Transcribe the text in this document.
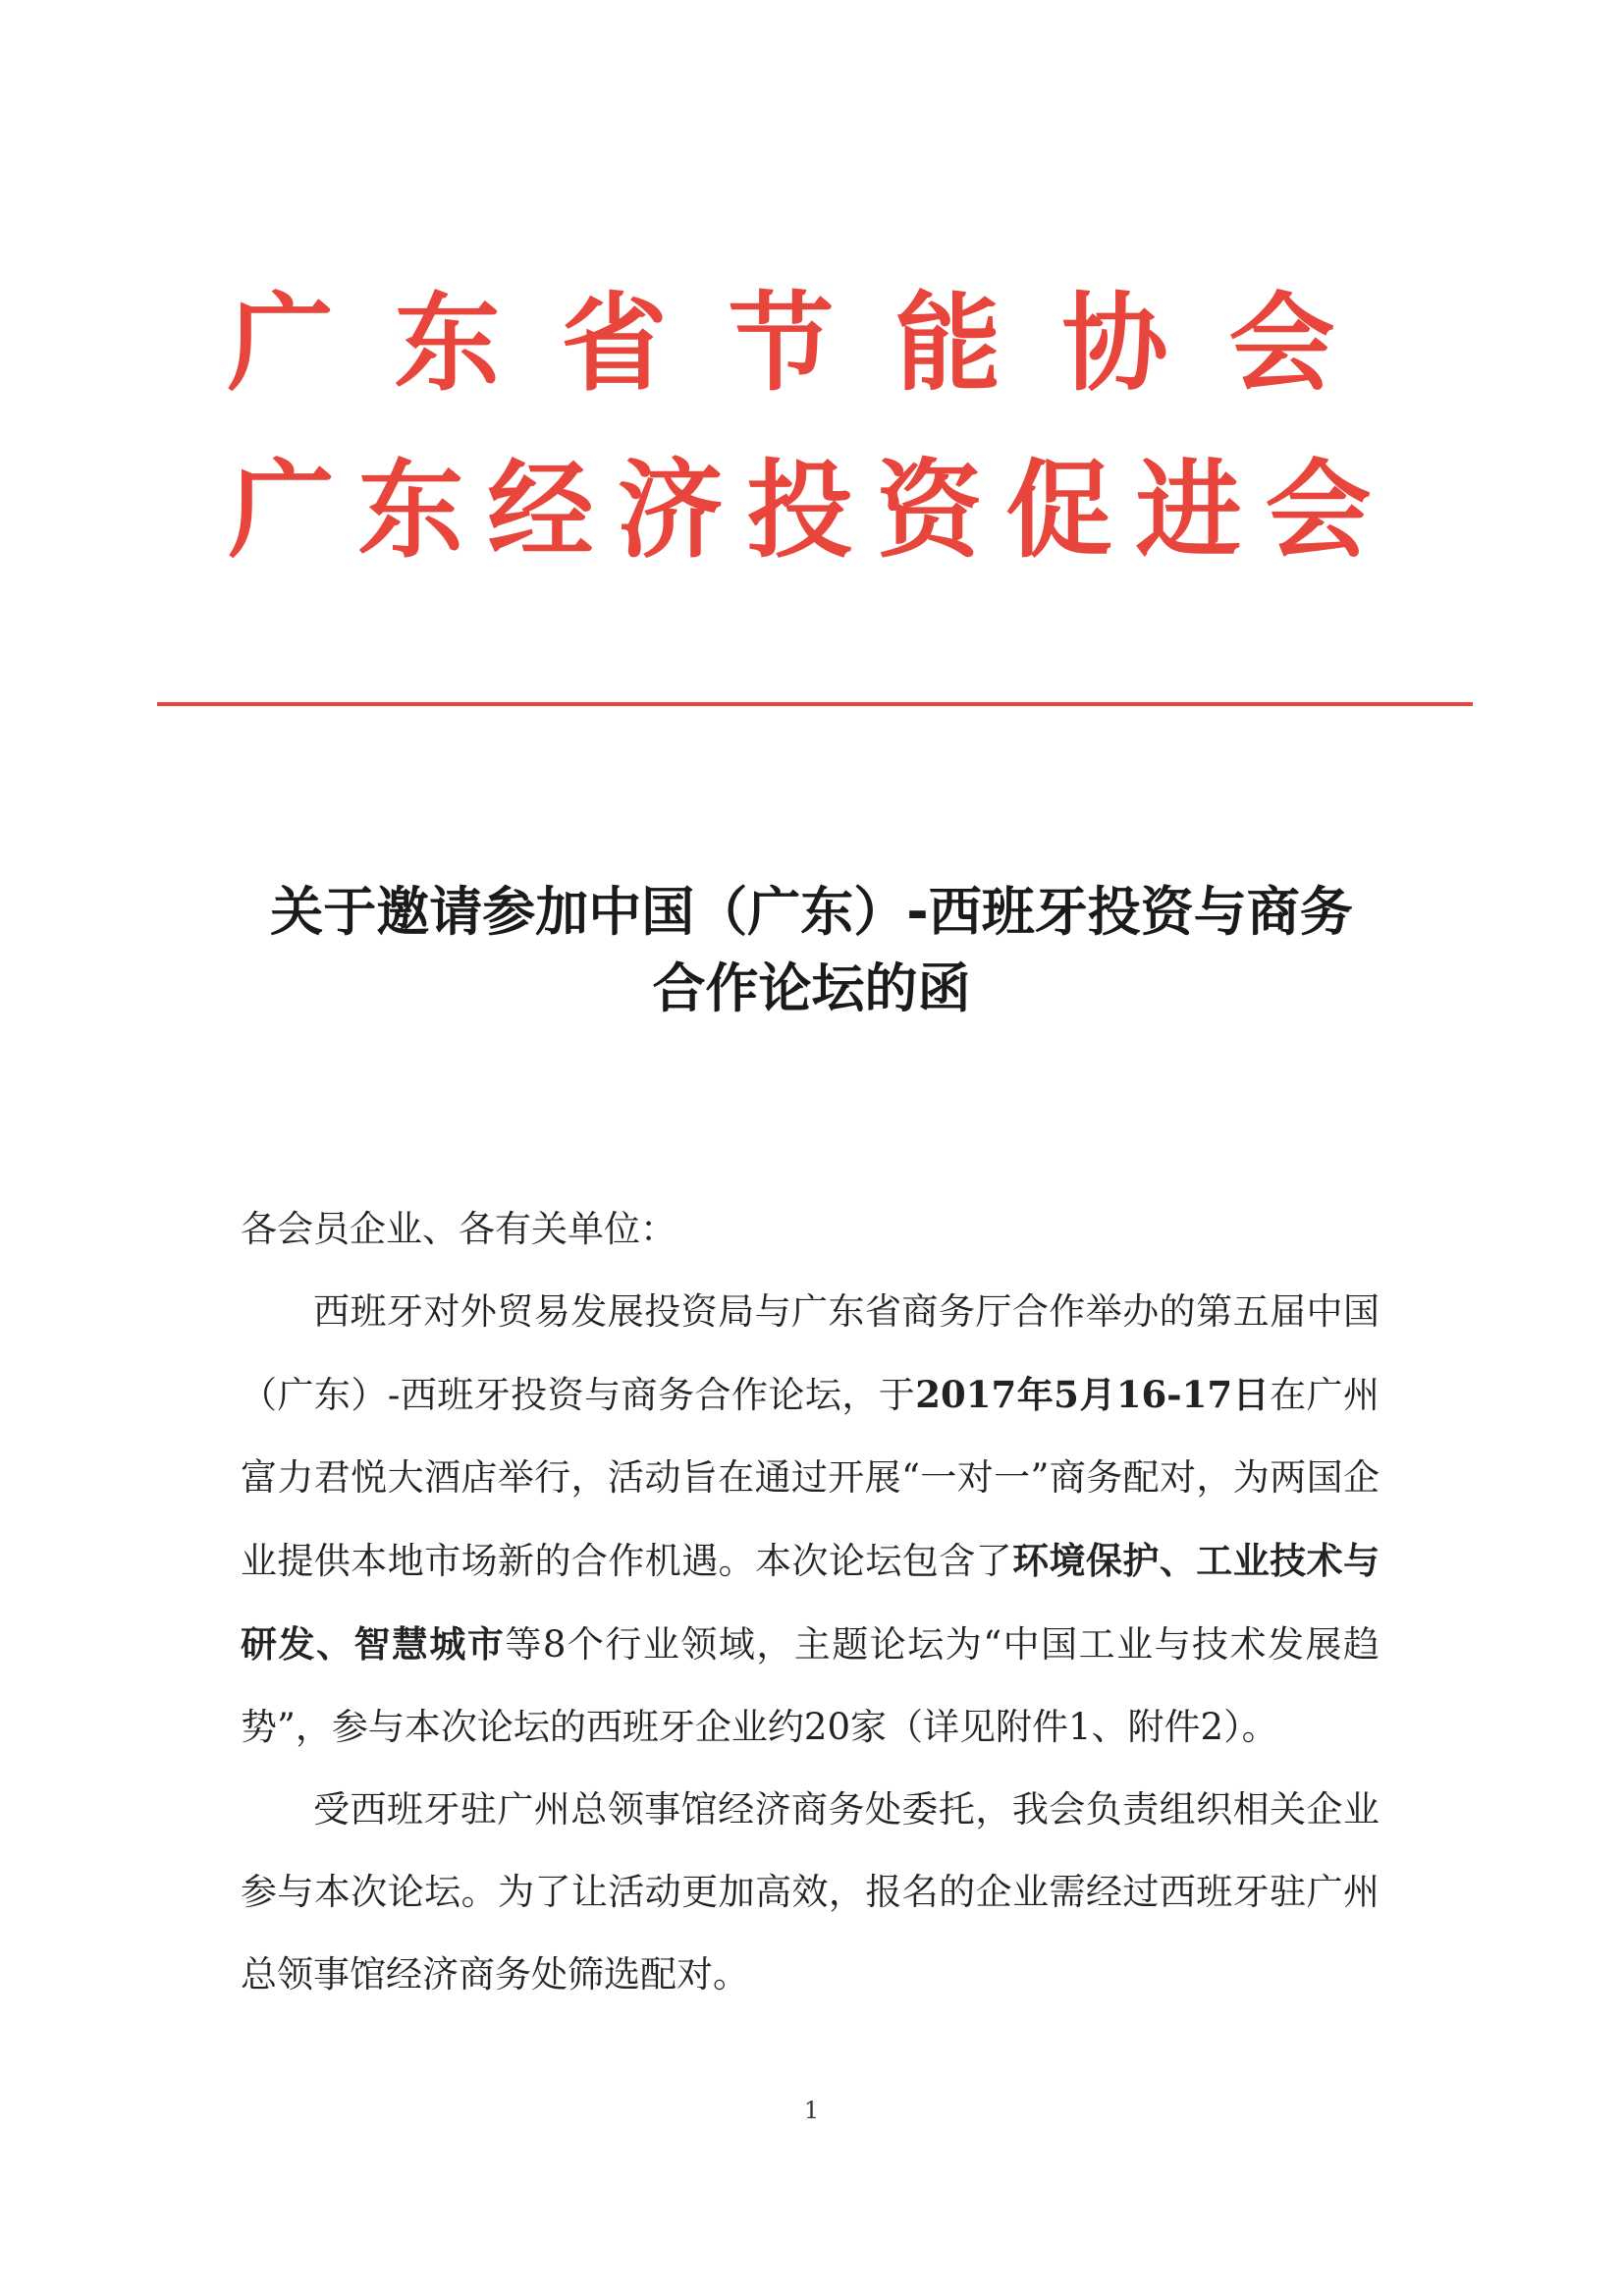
广东省节能协会
广东经济投资促进会
关于邀请参加中国（广东）-西班牙投资与商务
合作论坛的函

各会员企业、各有关单位：

西班牙对外贸易发展投资局与广东省商务厅合作举办的第五届中国（广东）-西班牙投资与商务合作论坛，于2017年5月16-17日在广州富力君悦大酒店举行，活动旨在通过开展“一对一”商务配对，为两国企业提供本地市场新的合作机遇。本次论坛包含了环境保护、工业技术与研发、智慧城市等8个行业领域，主题论坛为“中国工业与技术发展趋势”，参与本次论坛的西班牙企业约20家（详见附件1、附件2）。

受西班牙驻广州总领事馆经济商务处委托，我会负责组织相关企业参与本次论坛。为了让活动更加高效，报名的企业需经过西班牙驻广州总领事馆经济商务处筛选配对。

1
